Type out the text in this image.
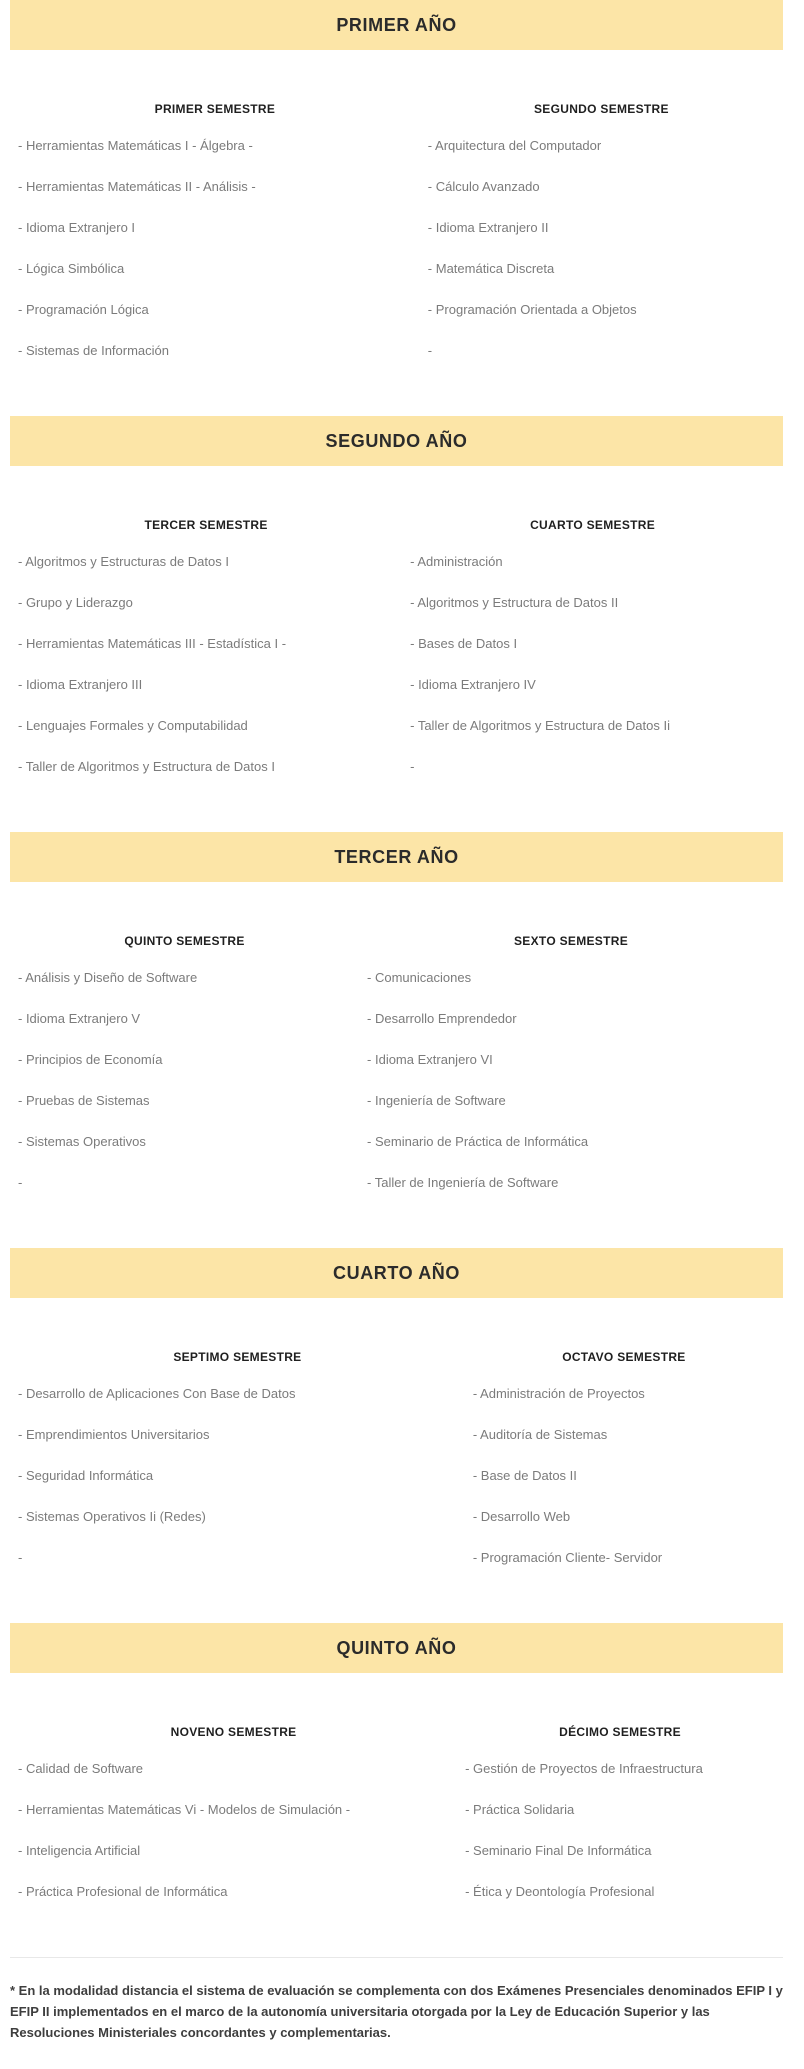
PRIMER AÑO
PRIMER SEMESTRE	SEGUNDO SEMESTRE
- Herramientas Matemáticas I - Álgebra -	- Arquitectura del Computador
- Herramientas Matemáticas II - Análisis -	- Cálculo Avanzado
- Idioma Extranjero I	- Idioma Extranjero II
- Lógica Simbólica	- Matemática Discreta
- Programación Lógica	- Programación Orientada a Objetos
- Sistemas de Información	-
SEGUNDO AÑO
TERCER SEMESTRE	CUARTO SEMESTRE
- Algoritmos y Estructuras de Datos I	- Administración
- Grupo y Liderazgo	- Algoritmos y Estructura de Datos II
- Herramientas Matemáticas III - Estadística I -	- Bases de Datos I
- Idioma Extranjero III	- Idioma Extranjero IV
- Lenguajes Formales y Computabilidad	- Taller de Algoritmos y Estructura de Datos Ii
- Taller de Algoritmos y Estructura de Datos I	-
TERCER AÑO
QUINTO SEMESTRE	SEXTO SEMESTRE
- Análisis y Diseño de Software	- Comunicaciones
- Idioma Extranjero V	- Desarrollo Emprendedor
- Principios de Economía	- Idioma Extranjero VI
- Pruebas de Sistemas	- Ingeniería de Software
- Sistemas Operativos	- Seminario de Práctica de Informática
-	- Taller de Ingeniería de Software
CUARTO AÑO
SEPTIMO SEMESTRE	OCTAVO SEMESTRE
- Desarrollo de Aplicaciones Con Base de Datos	- Administración de Proyectos
- Emprendimientos Universitarios	- Auditoría de Sistemas
- Seguridad Informática	- Base de Datos II
- Sistemas Operativos Ii (Redes)	- Desarrollo Web
-	- Programación Cliente- Servidor
QUINTO AÑO
NOVENO SEMESTRE	DÉCIMO SEMESTRE
- Calidad de Software	- Gestión de Proyectos de Infraestructura
- Herramientas Matemáticas Vi - Modelos de Simulación -	- Práctica Solidaria
- Inteligencia Artificial	- Seminario Final De Informática
- Práctica Profesional de Informática	- Ética y Deontología Profesional
* En la modalidad distancia el sistema de evaluación se complementa con dos Exámenes Presenciales denominados EFIP I y EFIP II implementados en el marco de la autonomía universitaria otorgada por la Ley de Educación Superior y las Resoluciones Ministeriales concordantes y complementarias.
